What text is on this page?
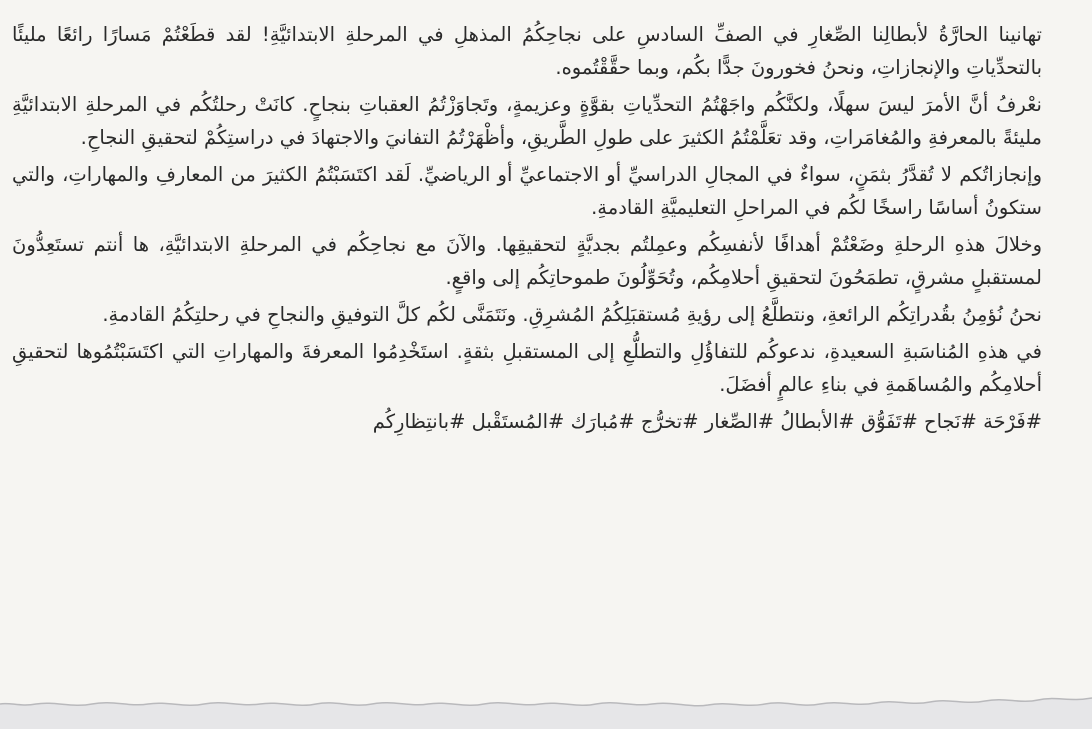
تهانينا الحارَّةُ لأبطالِنا الصِّغارِ في الصفِّ السادسِ على نجاحِكُمُ المذهلِ في المرحلةِ الابتدائيَّةِ! لقد قطَعْتُمْ مَسارًا رائعًا مليئًا بالتحدِّياتِ والإنجازاتِ، ونحنُ فخورونَ جدًّا بكُم، وبما حقَّقْتُموه.

نعْرفُ أنَّ الأمرَ ليسَ سهلًا، ولكنَّكُم واجَهْتُمُ التحدِّياتِ بقوَّةٍ وعزيمةٍ، وتَجاوَزْتُمُ العقباتِ بنجاحٍ. كانَتْ رحلتُكُم في المرحلةِ الابتدائيَّةِ مليئةً بالمعرفةِ والمُغامَراتِ، وقد تعَلَّمْتُمُ الكثيرَ على طولِ الطَّريقِ، وأظْهَرْتُمُ التفانيَ والاجتهادَ في دراستِكُمْ لتحقيقِ النجاحِ.

وإنجازاتُكم لا تُقدَّرُ بثمَنٍ، سواءٌ في المجالِ الدراسيِّ أو الاجتماعيِّ أو الرياضيِّ. لَقد اكتَسَبْتُمُ الكثيرَ من المعارفِ والمهاراتِ، والتي ستكونُ أساسًا راسخًا لكُم في المراحلِ التعليميَّةِ القادمةِ.

وخلالَ هذهِ الرحلةِ وضَعْتُمْ أهدافًا لأنفسِكُم وعمِلتُم بجديَّةٍ لتحقيقِها. والآنَ مع نجاحِكُم في المرحلةِ الابتدائيَّةِ، ها أنتم تستَعِدُّونَ لمستقبلٍ مشرقٍ، تطمَحُونَ لتحقيقِ أحلامِكُم، وتُحَوِّلُونَ طموحاتِكُم إلى واقعٍ.

نحنُ نُؤمِنُ بقُدراتِكُم الرائعةِ، ونتطلَّعُ إلى رؤيةِ مُستقبَلِكُمُ المُشرِقِ. ونَتَمَنَّى لكُم كلَّ التوفيقِ والنجاحِ في رحلتِكُمُ القادمةِ.

في هذهِ المُناسَبةِ السعيدةِ، ندعوكُم للتفاؤُلِ والتطلُّعِ إلى المستقبلِ بثقةٍ. استَخْدِمُوا المعرفةَ والمهاراتِ التي اكتَسَبْتُمُوها لتحقيقِ أحلامِكُم والمُساهَمةِ في بناءِ عالمٍ أفضَلَ.

#فَرْحَة #نَجاح #تَفَوُّق #الأبطالُ #الصِّغار #تخرُّج #مُبارَك #المُستَقْبل #بانتِظارِكُم
